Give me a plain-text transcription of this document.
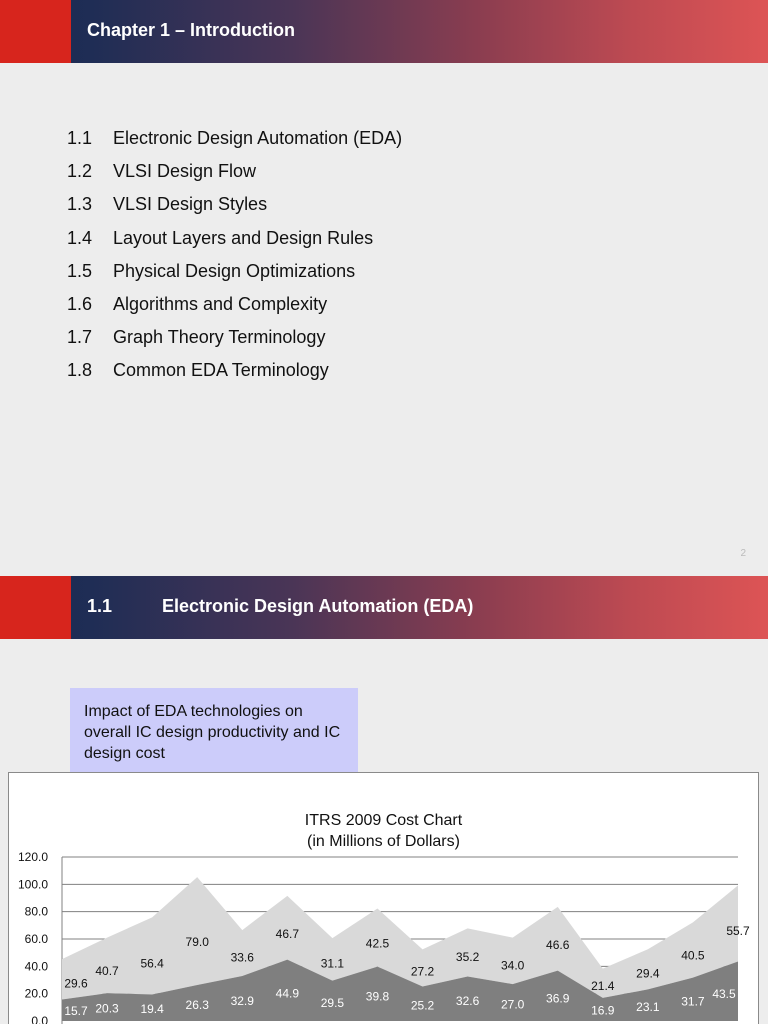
Chapter 1 – Introduction
1.1 Electronic Design Automation (EDA)
1.2 VLSI Design Flow
1.3 VLSI Design Styles
1.4 Layout Layers and Design Rules
1.5 Physical Design Optimizations
1.6 Algorithms and Complexity
1.7 Graph Theory Terminology
1.8 Common EDA Terminology
2
1.1	Electronic Design Automation (EDA)
Impact of EDA technologies on overall IC design productivity and IC design cost
ITRS 2009 Cost Chart
(in Millions of Dollars)
0.0
20.0
40.0
60.0
80.0
100.0
120.0
29.6
15.7
40.7
20.3
56.4
19.4
79.0
26.3
33.6
32.9
46.7
44.9
31.1
29.5
42.5
39.8
27.2
25.2
35.2
32.6
34.0
27.0
46.6
36.9
21.4
16.9
29.4
23.1
40.5
31.7
55.7
43.5
